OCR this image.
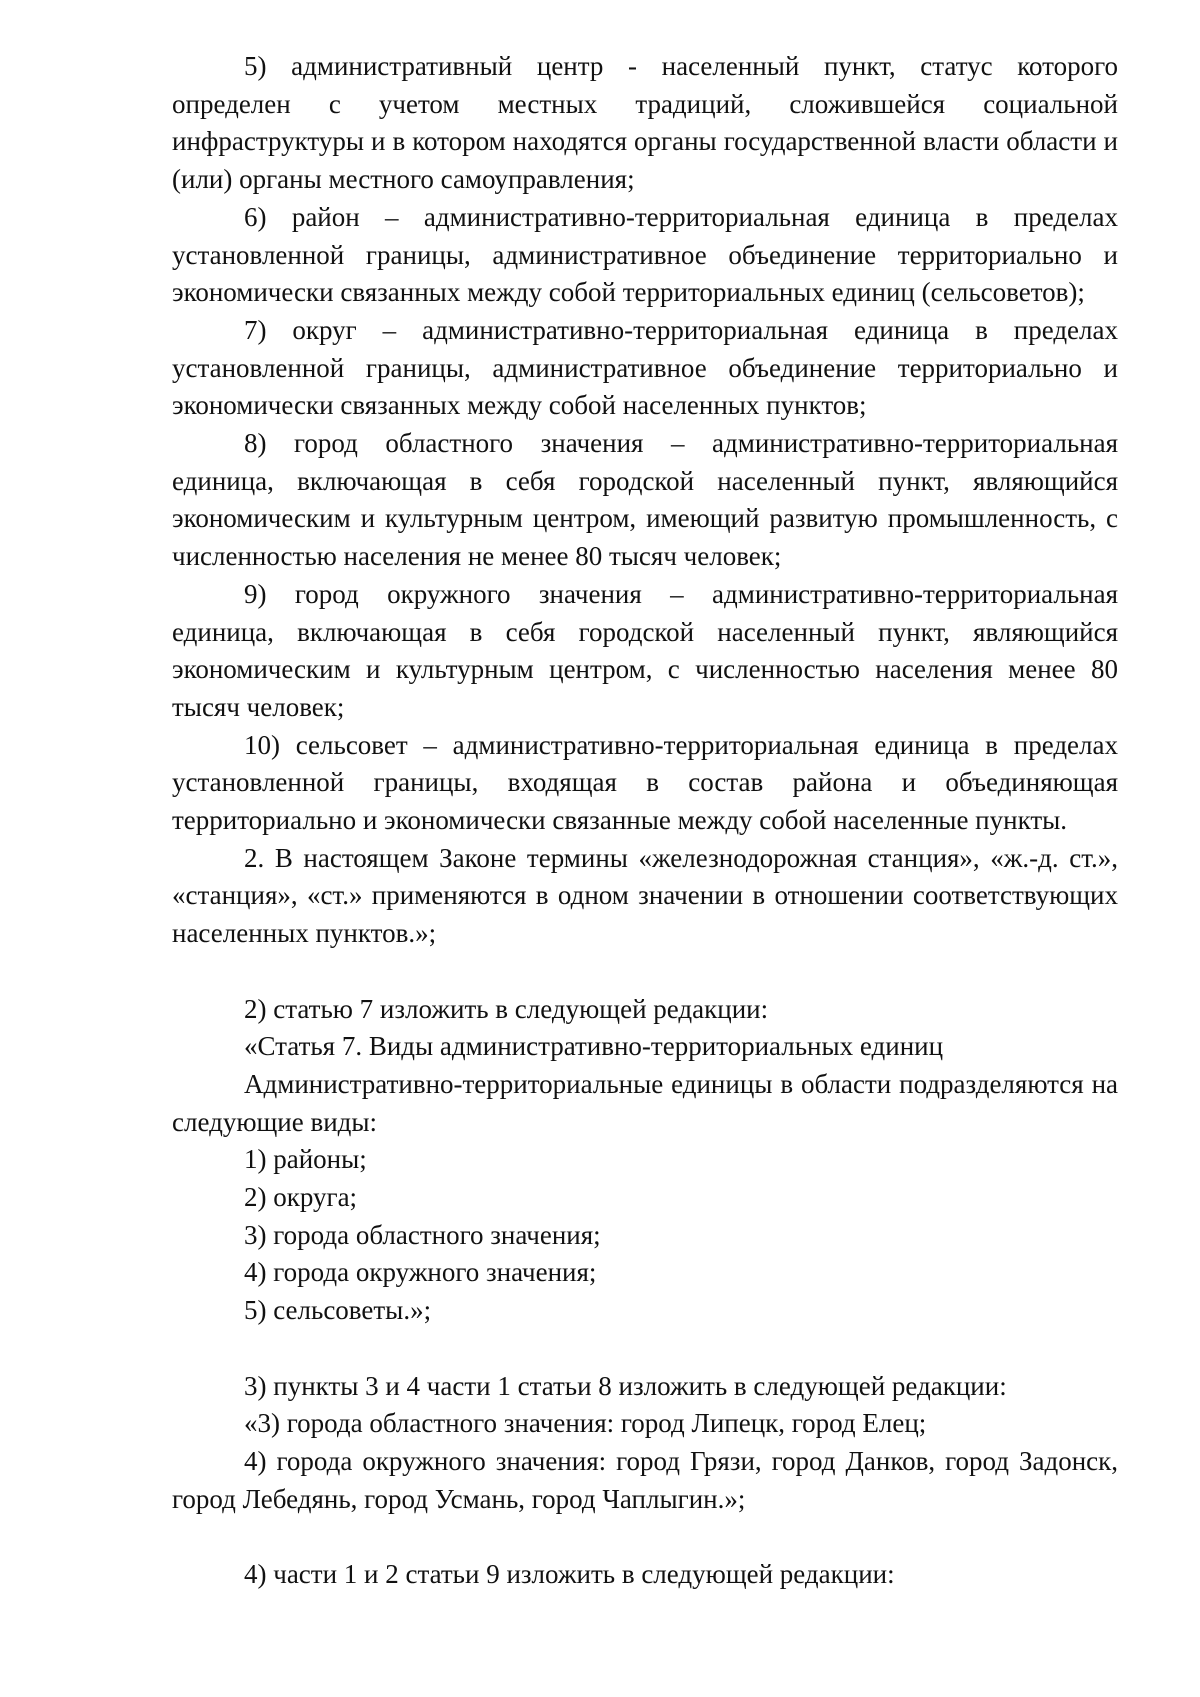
5) административный центр - населенный пункт, статус которого определен с учетом местных традиций, сложившейся социальной инфраструктуры и в котором находятся органы государственной власти области и (или) органы местного самоуправления;

6) район – административно-территориальная единица в пределах установленной границы, административное объединение территориально и экономически связанных между собой территориальных единиц (сельсоветов);

7) округ – административно-территориальная единица в пределах установленной границы, административное объединение территориально и экономически связанных между собой населенных пунктов;

8) город областного значения – административно-территориальная единица, включающая в себя городской населенный пункт, являющийся экономическим и культурным центром, имеющий развитую промышленность, с численностью населения не менее 80 тысяч человек;

9) город окружного значения – административно-территориальная единица, включающая в себя городской населенный пункт, являющийся экономическим и культурным центром, с численностью населения менее 80 тысяч человек;

10) сельсовет – административно-территориальная единица в пределах установленной границы, входящая в состав района и объединяющая территориально и экономически связанные между собой населенные пункты.

2. В настоящем Законе термины «железнодорожная станция», «ж.-д. ст.», «станция», «ст.» применяются в одном значении в отношении соответствующих населенных пунктов.»;

2) статью 7 изложить в следующей редакции:

«Статья 7. Виды административно-территориальных единиц

Административно-территориальные единицы в области подразделяются на следующие виды:

1) районы;

2) округа;

3) города областного значения;

4) города окружного значения;

5) сельсоветы.»;

3) пункты 3 и 4 части 1 статьи 8 изложить в следующей редакции:

«3) города областного значения: город Липецк, город Елец;

4) города окружного значения: город Грязи, город Данков, город Задонск, город Лебедянь, город Усмань, город Чаплыгин.»;

4) части 1 и 2 статьи 9 изложить в следующей редакции:
